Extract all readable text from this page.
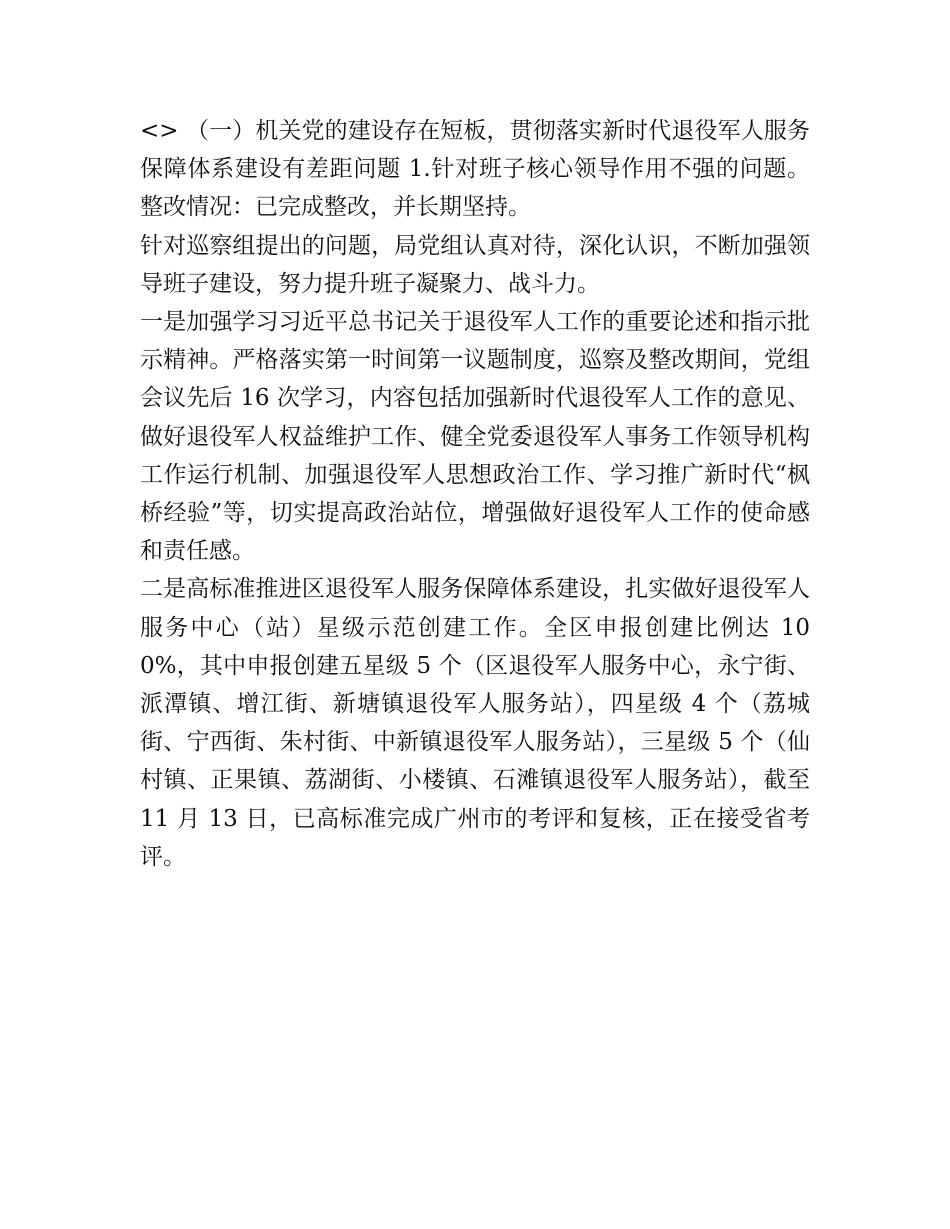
<> （一）机关党的建设存在短板，贯彻落实新时代退役军人服务保障体系建设有差距问题 1.针对班子核心领导作用不强的问题。 整改情况：已完成整改，并长期坚持。

针对巡察组提出的问题，局党组认真对待，深化认识，不断加强领导班子建设，努力提升班子凝聚力、战斗力。

一是加强学习习近平总书记关于退役军人工作的重要论述和指示批示精神。严格落实第一时间第一议题制度，巡察及整改期间，党组会议先后 16 次学习，内容包括加强新时代退役军人工作的意见、做好退役军人权益维护工作、健全党委退役军人事务工作领导机构工作运行机制、加强退役军人思想政治工作、学习推广新时代“枫桥经验”等，切实提高政治站位，增强做好退役军人工作的使命感和责任感。

二是高标准推进区退役军人服务保障体系建设，扎实做好退役军人服务中心（站）星级示范创建工作。全区申报创建比例达 100%，其中申报创建五星级 5 个（区退役军人服务中心，永宁街、派潭镇、增江街、新塘镇退役军人服务站），四星级 4 个（荔城街、宁西街、朱村街、中新镇退役军人服务站），三星级 5 个（仙村镇、正果镇、荔湖街、小楼镇、石滩镇退役军人服务站），截至 11 月 13 日，已高标准完成广州市的考评和复核，正在接受省考评。
